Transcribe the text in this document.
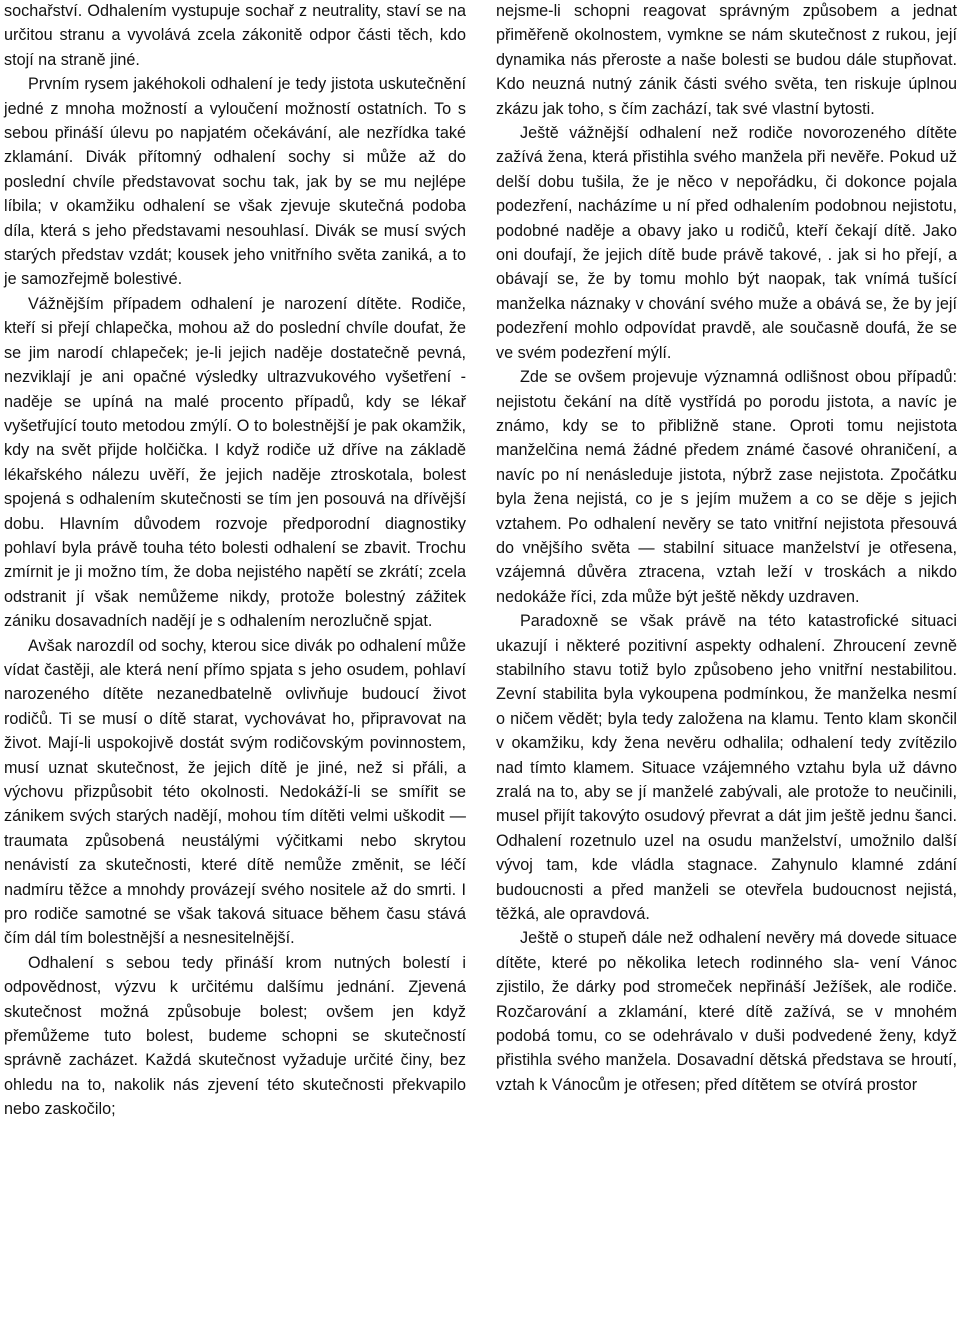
sochařství. Odhalením vystupuje sochař z neutrality, staví se na určitou stranu a vyvolává zcela zákonitě odpor části těch, kdo stojí na straně jiné.

Prvním rysem jakéhokoli odhalení je tedy jistota uskutečnění jedné z mnoha možností a vyloučení možností ostatních. To s sebou přináší úlevu po napjatém očekávání, ale nezřídka také zklamání. Divák přítomný odhalení sochy si může až do poslední chvíle představovat sochu tak, jak by se mu nejlépe líbila; v okamžiku odhalení se však zjevuje skutečná podoba díla, která s jeho představami nesouhlasí. Divák se musí svých starých představ vzdát; kousek jeho vnitřního světa zaniká, a to je samozřejmě bolestivé.

Vážnějším případem odhalení je narození dítěte. Rodiče, kteří si přejí chlapečka, mohou až do poslední chvíle doufat, že se jim narodí chlapeček; je-li jejich naděje dostatečně pevná, nezviklají je ani opačné výsledky ultrazvukového vyšetření - naděje se upíná na malé procento případů, kdy se lékař vyšetřující touto metodou zmýlí. O to bolestnější je pak okamžik, kdy na svět přijde holčička. I když rodiče už dříve na základě lékařského nálezu uvěří, že jejich naděje ztroskotala, bolest spojená s odhalením skutečnosti se tím jen posouvá na dřívější dobu. Hlavním důvodem rozvoje předporodní diagnostiky pohlaví byla právě touha této bolesti odhalení se zbavit. Trochu zmírnit je ji možno tím, že doba nejistého napětí se zkrátí; zcela odstranit jí však nemůžeme nikdy, protože bolestný zážitek zániku dosavadních nadějí je s odhalením nerozlučně spjat.

Avšak narozdíl od sochy, kterou sice divák po odhalení může vídat častěji, ale která není přímo spjata s jeho osudem, pohlaví narozeného dítěte nezanedbatelně ovlivňuje budoucí život rodičů. Ti se musí o dítě starat, vychovávat ho, připravovat na život. Mají-li uspokojivě dostát svým rodičovským povinnostem, musí uznat skutečnost, že jejich dítě je jiné, než si přáli, a výchovu přizpůsobit této okolnosti. Nedokáží-li se smířit se zánikem svých starých nadějí, mohou tím dítěti velmi uškodit —traumata způsobená neustálými výčitkami nebo skrytou nenávistí za skutečnosti, které dítě nemůže změnit, se léčí nadmíru těžce a mnohdy provázejí svého nositele až do smrti. I pro rodiče samotné se však taková situace během času stává čím dál tím bolestnější a nesnesitelnější.

Odhalení s sebou tedy přináší krom nutných bolestí i odpovědnost, výzvu k určitému dalšímu jednání. Zjevená skutečnost možná způsobuje bolest; ovšem jen když přemůžeme tuto bolest, budeme schopni se skutečností správně zacházet. Každá skutečnost vyžaduje určité činy, bez ohledu na to, nakolik nás zjevení této skutečnosti překvapilo nebo zaskočilo;

nejsme-li schopni reagovat správným způsobem a jednat přiměřeně okolnostem, vymkne se nám skutečnost z rukou, její dynamika nás přeroste a naše bolesti se budou dále stupňovat. Kdo neuzná nutný zánik části svého světa, ten riskuje úplnou zkázu jak toho, s čím zachází, tak své vlastní bytosti.

Ještě vážnější odhalení než rodiče novorozeného dítěte zažívá žena, která přistihla svého manžela při nevěře. Pokud už delší dobu tušila, že je něco v nepořádku, či dokonce pojala podezření, nacházíme u ní před odhalením podobnou nejistotu, podobné naděje a obavy jako u rodičů, kteří čekají dítě. Jako oni doufají, že jejich dítě bude právě takové, . jak si ho přejí, a obávají se, že by tomu mohlo být naopak, tak vnímá tušící manželka náznaky v chování svého muže a obává se, že by její podezření mohlo odpovídat pravdě, ale současně doufá, že se ve svém podezření mýlí.

Zde se ovšem projevuje významná odlišnost obou případů: nejistotu čekání na dítě vystřídá po porodu jistota, a navíc je známo, kdy se to přibližně stane. Oproti tomu nejistota manželčina nemá žádné předem známé časové ohraničení, a navíc po ní nenásleduje jistota, nýbrž zase nejistota. Zpočátku byla žena nejistá, co je s jejím mužem a co se děje s jejich vztahem. Po odhalení nevěry se tato vnitřní nejistota přesouvá do vnějšího světa — stabilní situace manželství je otřesena, vzájemná důvěra ztracena, vztah leží v troskách a nikdo nedokáže říci, zda může být ještě někdy uzdraven.

Paradoxně se však právě na této katastrofické situaci ukazují i některé pozitivní aspekty odhalení. Zhroucení zevně stabilního stavu totiž bylo způsobeno jeho vnitřní nestabilitou. Zevní stabilita byla vykoupena podmínkou, že manželka nesmí o ničem vědět; byla tedy založena na klamu. Tento klam skončil v okamžiku, kdy žena nevěru odhalila; odhalení tedy zvítězilo nad tímto klamem. Situace vzájemného vztahu byla už dávno zralá na to, aby se jí manželé zabývali, ale protože to neučinili, musel přijít takovýto osudový převrat a dát jim ještě jednu šanci. Odhalení rozetnulo uzel na osudu manželství, umožnilo další vývoj tam, kde vládla stagnace. Zahynulo klamné zdání budoucnosti a před manželi se otevřela budoucnost nejistá, těžká, ale opravdová.

Ještě o stupeň dále než odhalení nevěry má dovede situace dítěte, které po několika letech rodinného sla- vení Vánoc zjistilo, že dárky pod stromeček nepřináší Ježíšek, ale rodiče. Rozčarování a zklamání, které dítě zažívá, se v mnohém podobá tomu, co se odehrávalo v duši podvedené ženy, když přistihla svého manžela. Dosavadní dětská představa se hroutí, vztah k Vánocům je otřesen; před dítětem se otvírá prostor
